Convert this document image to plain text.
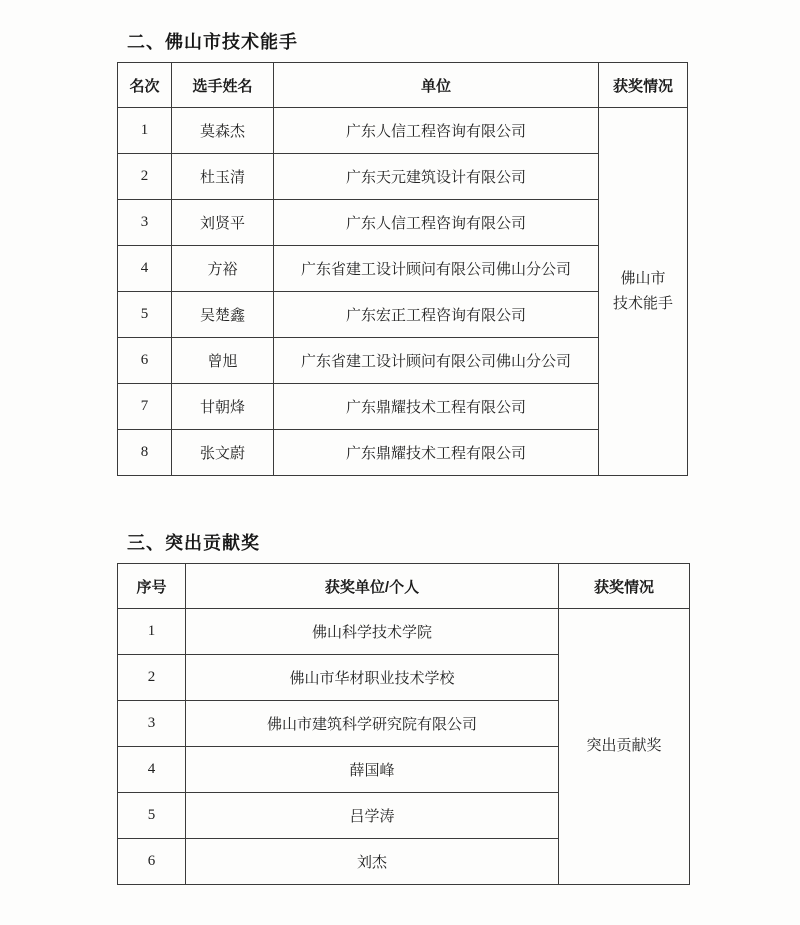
二、佛山市技术能手
名次	选手姓名	单位	获奖情况
1	莫森杰	广东人信工程咨询有限公司	佛山市
技术能手

2	杜玉清	广东天元建筑设计有限公司	
3	刘贤平	广东人信工程咨询有限公司	
4	方裕	广东省建工设计顾问有限公司佛山分公司	
5	吴楚鑫	广东宏正工程咨询有限公司	
6	曾旭	广东省建工设计顾问有限公司佛山分公司	
7	甘朝烽	广东鼎耀技术工程有限公司	
8	张文蔚	广东鼎耀技术工程有限公司	
三、突出贡献奖
序号	获奖单位/个人	获奖情况
1	佛山科学技术学院	突出贡献奖
2	佛山市华材职业技术学校	
3	佛山市建筑科学研究院有限公司	
4	薛国峰	
5	吕学涛	
6	刘杰	
